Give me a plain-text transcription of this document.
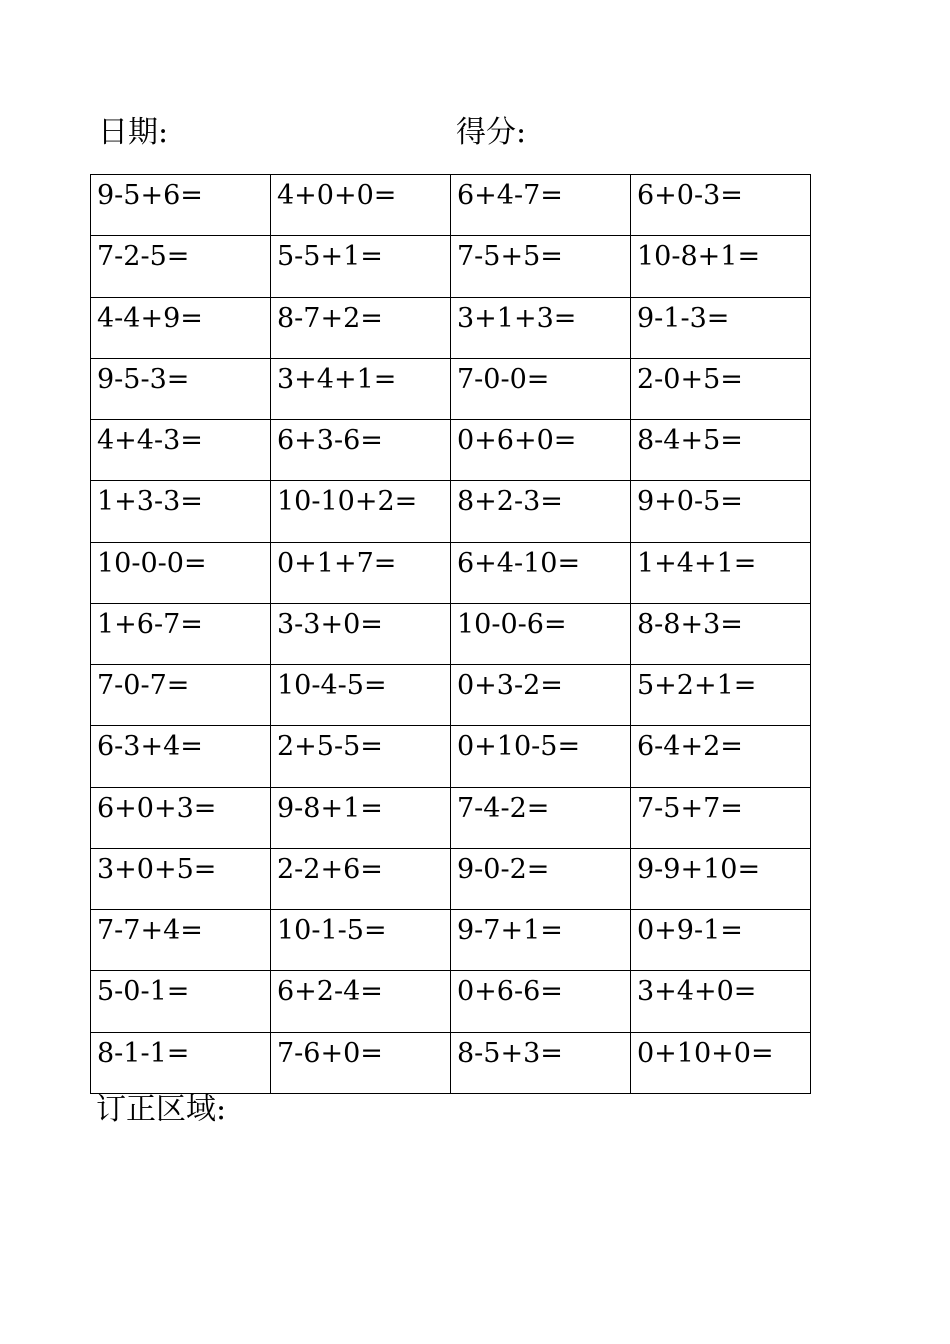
日期:	得分:
9-5+6=	4+0+0=	6+4-7=	6+0-3=
7-2-5=	5-5+1=	7-5+5=	10-8+1=
4-4+9=	8-7+2=	3+1+3=	9-1-3=
9-5-3=	3+4+1=	7-0-0=	2-0+5=
4+4-3=	6+3-6=	0+6+0=	8-4+5=
1+3-3=	10-10+2=	8+2-3=	9+0-5=
10-0-0=	0+1+7=	6+4-10=	1+4+1=
1+6-7=	3-3+0=	10-0-6=	8-8+3=
7-0-7=	10-4-5=	0+3-2=	5+2+1=
6-3+4=	2+5-5=	0+10-5=	6-4+2=
6+0+3=	9-8+1=	7-4-2=	7-5+7=
3+0+5=	2-2+6=	9-0-2=	9-9+10=
7-7+4=	10-1-5=	9-7+1=	0+9-1=
5-0-1=	6+2-4=	0+6-6=	3+4+0=
8-1-1=	7-6+0=	8-5+3=	0+10+0=
订正区域:
